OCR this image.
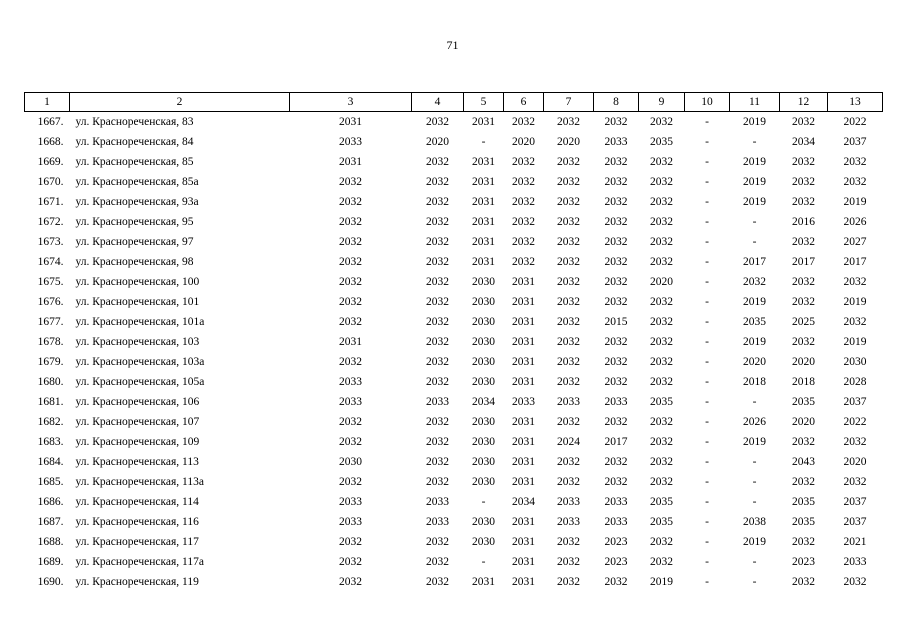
71
1	2	3	4	5	6	7	8	9	10	11	12	13
1667.	ул. Краснореченская, 83	2031	2032	2031	2032	2032	2032	2032	-	2019	2032	2022
1668.	ул. Краснореченская, 84	2033	2020	-	2020	2020	2033	2035	-	-	2034	2037
1669.	ул. Краснореченская, 85	2031	2032	2031	2032	2032	2032	2032	-	2019	2032	2032
1670.	ул. Краснореченская, 85а	2032	2032	2031	2032	2032	2032	2032	-	2019	2032	2032
1671.	ул. Краснореченская, 93а	2032	2032	2031	2032	2032	2032	2032	-	2019	2032	2019
1672.	ул. Краснореченская, 95	2032	2032	2031	2032	2032	2032	2032	-	-	2016	2026
1673.	ул. Краснореченская, 97	2032	2032	2031	2032	2032	2032	2032	-	-	2032	2027
1674.	ул. Краснореченская, 98	2032	2032	2031	2032	2032	2032	2032	-	2017	2017	2017
1675.	ул. Краснореченская, 100	2032	2032	2030	2031	2032	2032	2020	-	2032	2032	2032
1676.	ул. Краснореченская, 101	2032	2032	2030	2031	2032	2032	2032	-	2019	2032	2019
1677.	ул. Краснореченская, 101а	2032	2032	2030	2031	2032	2015	2032	-	2035	2025	2032
1678.	ул. Краснореченская, 103	2031	2032	2030	2031	2032	2032	2032	-	2019	2032	2019
1679.	ул. Краснореченская, 103а	2032	2032	2030	2031	2032	2032	2032	-	2020	2020	2030
1680.	ул. Краснореченская, 105а	2033	2032	2030	2031	2032	2032	2032	-	2018	2018	2028
1681.	ул. Краснореченская, 106	2033	2033	2034	2033	2033	2033	2035	-	-	2035	2037
1682.	ул. Краснореченская, 107	2032	2032	2030	2031	2032	2032	2032	-	2026	2020	2022
1683.	ул. Краснореченская, 109	2032	2032	2030	2031	2024	2017	2032	-	2019	2032	2032
1684.	ул. Краснореченская, 113	2030	2032	2030	2031	2032	2032	2032	-	-	2043	2020
1685.	ул. Краснореченская, 113а	2032	2032	2030	2031	2032	2032	2032	-	-	2032	2032
1686.	ул. Краснореченская, 114	2033	2033	-	2034	2033	2033	2035	-	-	2035	2037
1687.	ул. Краснореченская, 116	2033	2033	2030	2031	2033	2033	2035	-	2038	2035	2037
1688.	ул. Краснореченская, 117	2032	2032	2030	2031	2032	2023	2032	-	2019	2032	2021
1689.	ул. Краснореченская, 117а	2032	2032	-	2031	2032	2023	2032	-	-	2023	2033
1690.	ул. Краснореченская, 119	2032	2032	2031	2031	2032	2032	2019	-	-	2032	2032
